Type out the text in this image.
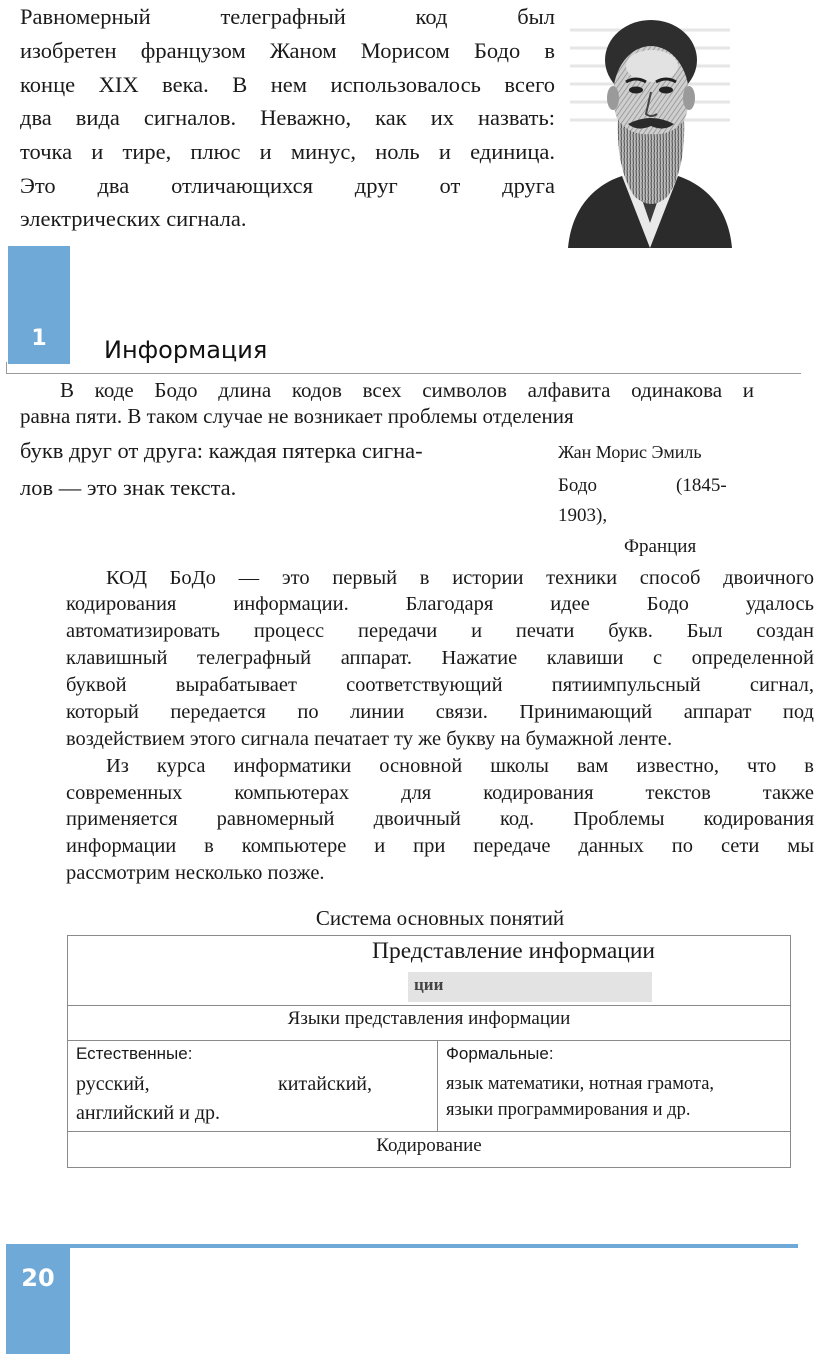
Равномерный телеграфный код был
изобретен французом Жаном Морисом Бодо в
конце XIX века. В нем использовалось всего
два вида сигналов. Неважно, как их назвать:
точка и тире, плюс и минус, ноль и единица.
Это два отличающихся друг от друга
электрических сигнала.
1	Информация
В коде Бодо длина кодов всех символов алфавита одинакова и
равна пяти. В таком случае не возникает проблемы отделения
букв друг от друга: каждая пятерка сигна-
лов — это знак текста.
Жан Морис Эмиль
Бодо	(1845-
1903),
Франция
КОД БоДо — это первый в истории техники способ двоичного
кодирования информации. Благодаря идее Бодо удалось
автоматизировать процесс передачи и печати букв. Был создан
клавишный телеграфный аппарат. Нажатие клавиши с определенной
буквой вырабатывает соответствующий пятиимпульсный сигнал,
который передается по линии связи. Принимающий аппарат под
воздействием этого сигнала печатает ту же букву на бумажной ленте.
Из курса информатики основной школы вам известно, что в
современных компьютерах для кодирования текстов также
применяется равномерный двоичный код. Проблемы кодирования
информации в компьютере и при передаче данных по сети мы
рассмотрим несколько позже.
Система основных понятий
Представление информации
ции
Языки представления информации
Естественные:
русский,	китайский,
английский и др.
Формальные:
язык математики, нотная грамота,
языки программирования и др.
Кодирование
20
